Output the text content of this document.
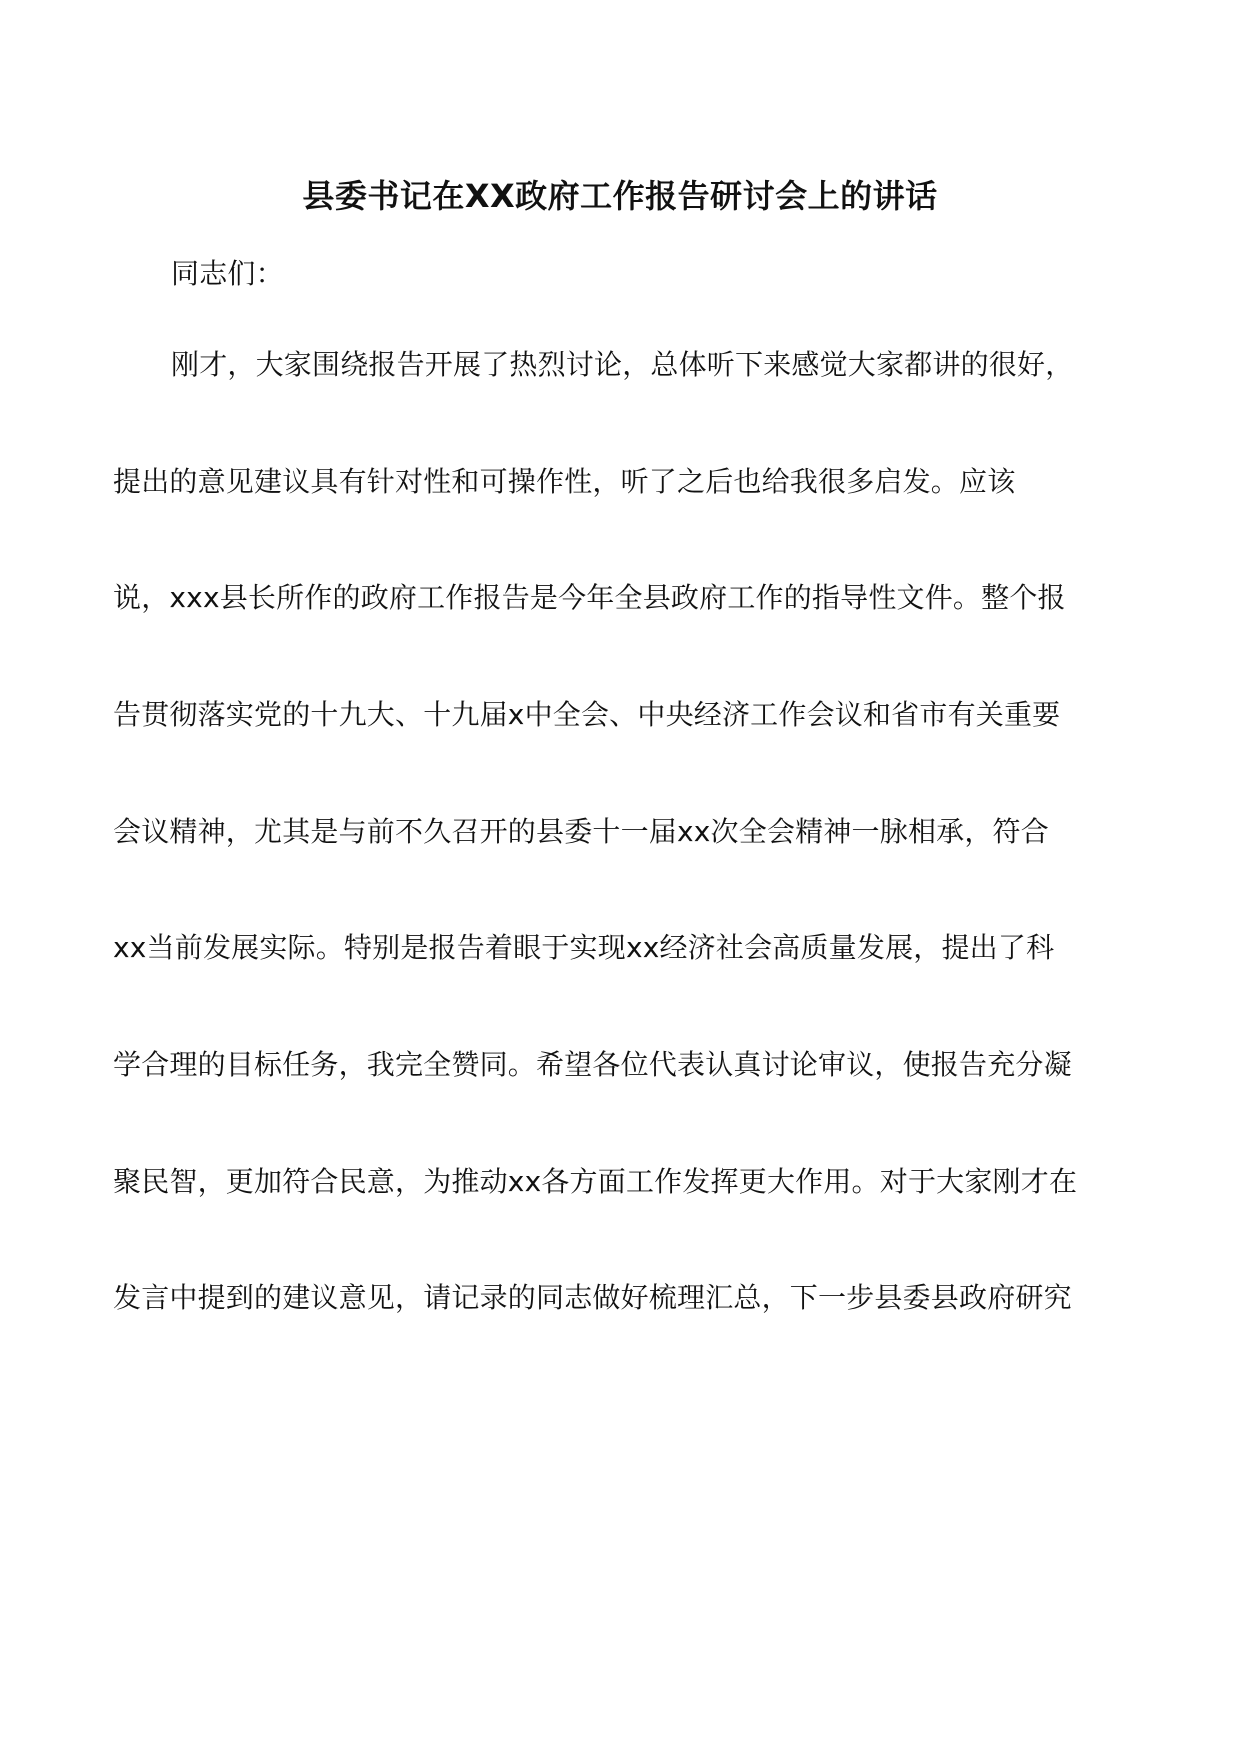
县委书记在XX政府工作报告研讨会上的讲话
同志们：
刚才，大家围绕报告开展了热烈讨论，总体听下来感觉大家都讲的很好，
提出的意见建议具有针对性和可操作性，听了之后也给我很多启发。应该
说，xxx县长所作的政府工作报告是今年全县政府工作的指导性文件。整个报
告贯彻落实党的十九大、十九届x中全会、中央经济工作会议和省市有关重要
会议精神，尤其是与前不久召开的县委十一届xx次全会精神一脉相承，符合
xx当前发展实际。特别是报告着眼于实现xx经济社会高质量发展，提出了科
学合理的目标任务，我完全赞同。希望各位代表认真讨论审议，使报告充分凝
聚民智，更加符合民意，为推动xx各方面工作发挥更大作用。对于大家刚才在
发言中提到的建议意见，请记录的同志做好梳理汇总，下一步县委县政府研究
